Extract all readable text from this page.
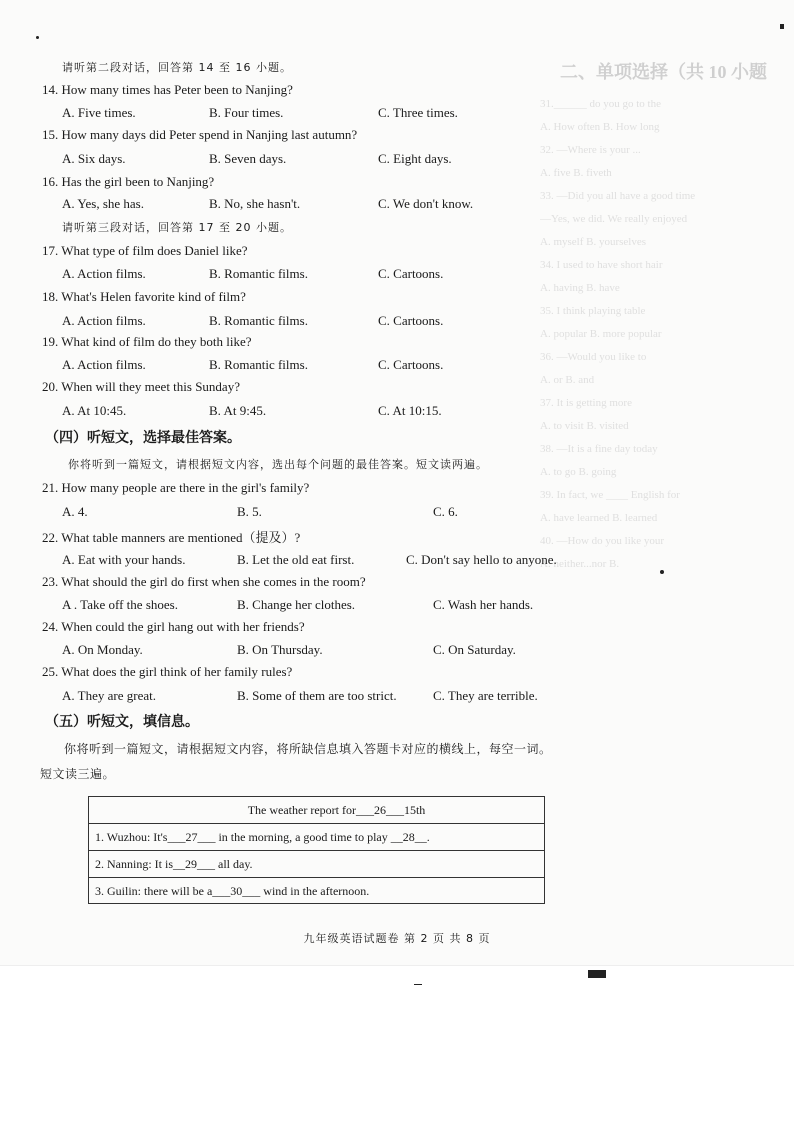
二、单项选择（共 10 小题
31.______ do you go to the
A. How often B. How long
32. —Where is your ...
A. five B. fiveth
33. —Did you all have a good time
—Yes, we did. We really enjoyed
A. myself B. yourselves
34. I used to have short hair
A. having B. have
35. I think playing table
A. popular B. more popular
36. —Would you like to
A. or B. and
37. It is getting more
A. to visit B. visited
38. —It is a fine day today
A. to go B. going
39. In fact, we ____ English for
A. have learned B. learned
40. —How do you like your
A. neither...nor B.
请听第二段对话，回答第 14 至 16 小题。
14. How many times has Peter been to Nanjing?
A. Five times.	B. Four times.	C. Three times.
15. How many days did Peter spend in Nanjing last autumn?
A. Six days.	B. Seven days.	C. Eight days.
16. Has the girl been to Nanjing?
A. Yes, she has.	B. No, she hasn't.	C. We don't know.
请听第三段对话，回答第 17 至 20 小题。
17. What type of film does Daniel like?
A. Action films.	B. Romantic films.	C. Cartoons.
18. What's Helen favorite kind of film?
A. Action films.	B. Romantic films.	C. Cartoons.
19. What kind of film do they both like?
A. Action films.	B. Romantic films.	C. Cartoons.
20. When will they meet this Sunday?
A. At 10:45.	B. At 9:45.	C. At 10:15.
（四）听短文，选择最佳答案。
你将听到一篇短文，请根据短文内容，选出每个问题的最佳答案。短文读两遍。
21. How many people are there in the girl's family?
A. 4.	B. 5.	C. 6.
22. What table manners are mentioned（提及）?
A. Eat with your hands.	B. Let the old eat first.	C. Don't say hello to anyone.
23. What should the girl do first when she comes in the room?
A . Take off the shoes.	B. Change her clothes.	C. Wash her hands.
24. When could the girl hang out with her friends?
A. On Monday.	B. On Thursday.	C. On Saturday.
25. What does the girl think of her family rules?
A. They are great.	B. Some of them are too strict.	C. They are terrible.
（五）听短文，填信息。
你将听到一篇短文，请根据短文内容，将所缺信息填入答题卡对应的横线上，每空一词。
短文读三遍。
The weather report for___26___15th
1. Wuzhou: It's___27___ in the morning, a good time to play __28__.
2. Nanning: It is__29___ all day.
3. Guilin: there will be a___30___ wind in the afternoon.
九年级英语试题卷 第 2 页 共 8 页
